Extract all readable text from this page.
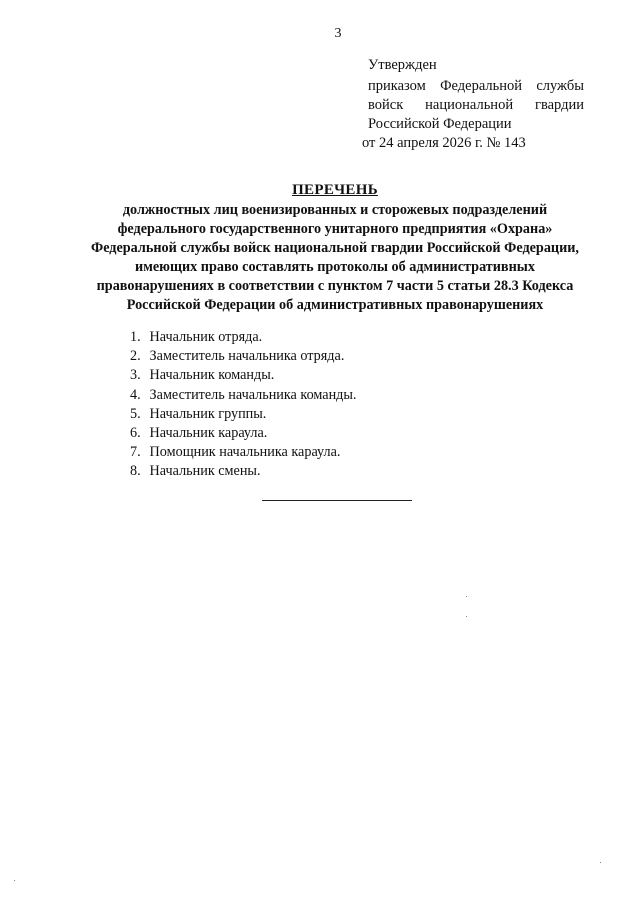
3
Утвержден
приказом Федеральной службы
войск национальной гвардии
Российской Федерации
от 24 апреля 2026 г. № 143
ПЕРЕЧЕНЬ
должностных лиц военизированных и сторожевых подразделений
федерального государственного унитарного предприятия «Охрана»
Федеральной службы войск национальной гвардии Российской Федерации,
имеющих право составлять протоколы об административных
правонарушениях в соответствии с пунктом 7 части 5 статьи 28.3 Кодекса
Российской Федерации об административных правонарушениях
1. Начальник отряда.
2. Заместитель начальника отряда.
3. Начальник команды.
4. Заместитель начальника команды.
5. Начальник группы.
6. Начальник караула.
7. Помощник начальника караула.
8. Начальник смены.
